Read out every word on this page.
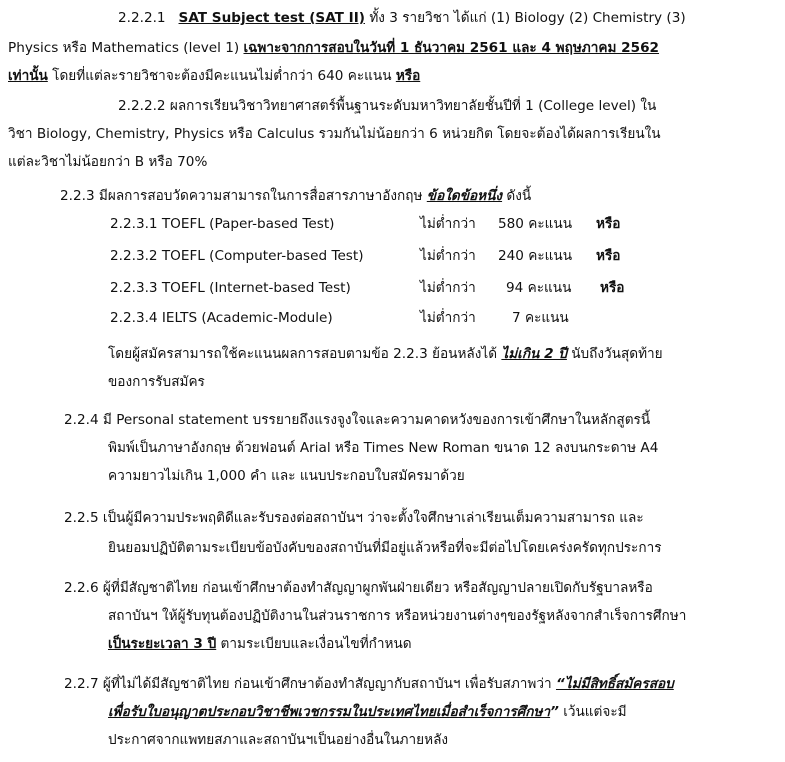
2.2.2.1 SAT Subject test (SAT II) ทั้ง 3 รายวิชา ได้แก่ (1) Biology (2) Chemistry (3)
Physics หรือ Mathematics (level 1) เฉพาะจากการสอบในวันที่ 1 ธันวาคม 2561 และ 4 พฤษภาคม 2562
เท่านั้น โดยที่แต่ละรายวิชาจะต้องมีคะแนนไม่ต่ำกว่า 640 คะแนน หรือ
2.2.2.2 ผลการเรียนวิชาวิทยาศาสตร์พื้นฐานระดับมหาวิทยาลัยชั้นปีที่ 1 (College level) ใน
วิชา Biology, Chemistry, Physics หรือ Calculus รวมกันไม่น้อยกว่า 6 หน่วยกิต โดยจะต้องได้ผลการเรียนใน
แต่ละวิชาไม่น้อยกว่า B หรือ 70%
2.2.3 มีผลการสอบวัดความสามารถในการสื่อสารภาษาอังกฤษ ข้อใดข้อหนึ่ง ดังนี้
2.2.3.1 TOEFL (Paper-based Test)	ไม่ต่ำกว่า 580 คะแนน หรือ
2.2.3.2 TOEFL (Computer-based Test)	ไม่ต่ำกว่า 240 คะแนน หรือ
2.2.3.3 TOEFL (Internet-based Test)	ไม่ต่ำกว่า 94 คะแนน หรือ
2.2.3.4 IELTS (Academic-Module)	ไม่ต่ำกว่า	7 คะแนน
โดยผู้สมัครสามารถใช้คะแนนผลการสอบตามข้อ 2.2.3 ย้อนหลังได้ ไม่เกิน 2 ปี นับถึงวันสุดท้าย
ของการรับสมัคร
2.2.4 มี Personal statement บรรยายถึงแรงจูงใจและความคาดหวังของการเข้าศึกษาในหลักสูตรนี้
พิมพ์เป็นภาษาอังกฤษ ด้วยฟอนต์ Arial หรือ Times New Roman ขนาด 12 ลงบนกระดาษ A4
ความยาวไม่เกิน 1,000 คำ และ แนบประกอบใบสมัครมาด้วย
2.2.5 เป็นผู้มีความประพฤติดีและรับรองต่อสถาบันฯ ว่าจะตั้งใจศึกษาเล่าเรียนเต็มความสามารถ และ
ยินยอมปฏิบัติตามระเบียบข้อบังคับของสถาบันที่มีอยู่แล้วหรือที่จะมีต่อไปโดยเคร่งครัดทุกประการ
2.2.6 ผู้ที่มีสัญชาติไทย ก่อนเข้าศึกษาต้องทำสัญญาผูกพันฝ่ายเดียว หรือสัญญาปลายเปิดกับรัฐบาลหรือ
สถาบันฯ ให้ผู้รับทุนต้องปฏิบัติงานในส่วนราชการ หรือหน่วยงานต่างๆของรัฐหลังจากสำเร็จการศึกษา
เป็นระยะเวลา 3 ปี ตามระเบียบและเงื่อนไขที่กำหนด
2.2.7 ผู้ที่ไม่ได้มีสัญชาติไทย ก่อนเข้าศึกษาต้องทำสัญญากับสถาบันฯ เพื่อรับสภาพว่า “ไม่มีสิทธิ์สมัครสอบ
เพื่อรับใบอนุญาตประกอบวิชาชีพเวชกรรมในประเทศไทยเมื่อสำเร็จการศึกษา” เว้นแต่จะมี
ประกาศจากแพทยสภาและสถาบันฯเป็นอย่างอื่นในภายหลัง
